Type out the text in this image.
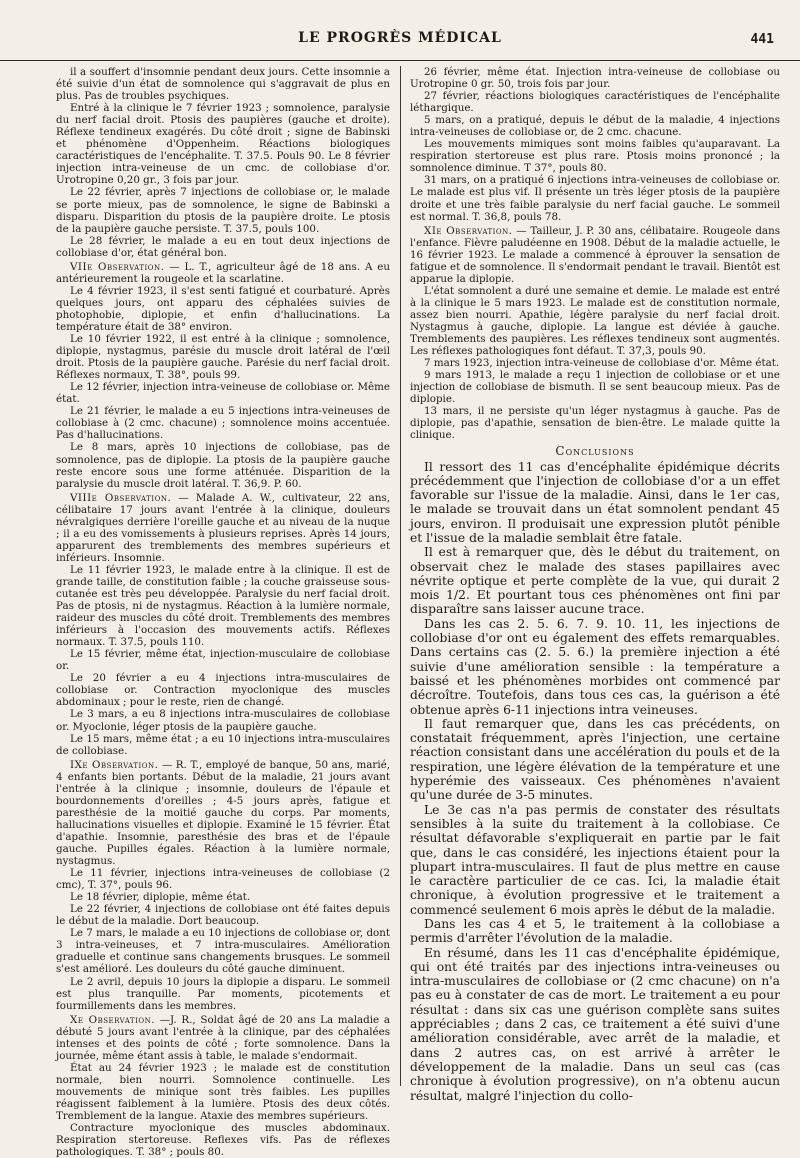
LE PROGRÈS MÉDICAL	441

il a souffert d'insomnie pendant deux jours. Cette insomnie a été suivie d'un état de somnolence qui s'aggravait de plus en plus. Pas de troubles psychiques.

Entré à la clinique le 7 février 1923 ; somnolence, paralysie du nerf facial droit. Ptosis des paupières (gauche et droite). Réflexe tendineux exagérés. Du côté droit ; signe de Babinski et phénomène d'Oppenheim. Réactions biologiques caractéristiques de l'encéphalite. T. 37.5. Pouls 90. Le 8 février injection intra-veineuse de un cmc. de collobiase d'or. Urotropine 0,20 gr., 3 fois par jour.

Le 22 février, après 7 injections de collobiase or, le malade se porte mieux, pas de somnolence, le signe de Babinski a disparu. Disparition du ptosis de la paupière droite. Le ptosis de la paupière gauche persiste. T. 37.5, pouls 100.

Le 28 février, le malade a eu en tout deux injections de collobiase d'or, état général bon.

VIIe Observation. — L. T., agriculteur âgé de 18 ans. A eu antérieurement la rougeole et la scarlatine.

Le 4 février 1923, il s'est senti fatigué et courbaturé. Après quelques jours, ont apparu des céphalées suivies de photophobie, diplopie, et enfin d'hallucinations. La température était de 38° environ.

Le 10 février 1922, il est entré à la clinique ; somnolence, diplopie, nystagmus, parésie du muscle droit latéral de l'œil droit. Ptosis de la paupière gauche. Parésie du nerf facial droit. Réflexes normaux, T. 38°, pouls 99.

Le 12 février, injection intra-veineuse de collobiase or. Même état.

Le 21 février, le malade a eu 5 injections intra-veineuses de collobiase à (2 cmc. chacune) ; somnolence moins accentuée. Pas d'hallucinations.

Le 8 mars, après 10 injections de collobiase, pas de somnolence, pas de diplopie. La ptosis de la paupière gauche reste encore sous une forme atténuée. Disparition de la paralysie du muscle droit latéral. T. 36,9. P. 60.

VIIIe Observation. — Malade A. W., cultivateur, 22 ans, célibataire 17 jours avant l'entrée à la clinique, douleurs névralgiques derrière l'oreille gauche et au niveau de la nuque ; il a eu des vomissements à plusieurs reprises. Après 14 jours, apparurent des tremblements des membres supérieurs et inférieurs. Insomnie.

Le 11 février 1923, le malade entre à la clinique. Il est de grande taille, de constitution faible ; la couche graisseuse sous-cutanée est très peu développée. Paralysie du nerf facial droit. Pas de ptosis, ni de nystagmus. Réaction à la lumière normale, raideur des muscles du côté droit. Tremblements des membres inférieurs à l'occasion des mouvements actifs. Réflexes normaux. T. 37.5, pouls 110.

Le 15 février, même état, injection-musculaire de collobiase or.

Le 20 février a eu 4 injections intra-musculaires de collobiase or. Contraction myoclonique des muscles abdominaux ; pour le reste, rien de changé.

Le 3 mars, a eu 8 injections intra-musculaires de collobiase or. Myoclonie, léger ptosis de la paupière gauche.

Le 15 mars, même état ; a eu 10 injections intra-musculaires de collobiase.

IXe Observation. — R. T., employé de banque, 50 ans, marié, 4 enfants bien portants. Début de la maladie, 21 jours avant l'entrée à la clinique ; insomnie, douleurs de l'épaule et bourdonnements d'oreilles ; 4-5 jours après, fatigue et paresthésie de la moitié gauche du corps. Par moments, hallucinations visuelles et diplopie. Examiné le 15 février. État d'apathie. Insomnie, paresthésie des bras et de l'épaule gauche. Pupilles égales. Réaction à la lumière normale, nystagmus.

Le 11 février, injections intra-veineuses de collobiase (2 cmc), T. 37°, pouls 96.

Le 18 février, diplopie, même état.

Le 22 février, 4 injections de collobiase ont été faites depuis le début de la maladie. Dort beaucoup.

Le 7 mars, le malade a eu 10 injections de collobiase or, dont 3 intra-veineuses, et 7 intra-musculaires. Amélioration graduelle et continue sans changements brusques. Le sommeil s'est amélioré. Les douleurs du côté gauche diminuent.

Le 2 avril, depuis 10 jours la diplopie a disparu. Le sommeil est plus tranquille. Par moments, picotements et fourmillements dans les membres.

Xe Observation. —J. R., Soldat âgé de 20 ans La maladie a débuté 5 jours avant l'entrée à la clinique, par des céphalées intenses et des points de côté ; forte somnolence. Dans la journée, même étant assis à table, le malade s'endormait.

État au 24 février 1923 ; le malade est de constitution normale, bien nourri. Somnolence continuelle. Les mouvements de minique sont très faibles. Les pupilles réagissent faiblement à la lumière. Ptosis des deux côtés. Tremblement de la langue. Ataxie des membres supérieurs.

Contracture myoclonique des muscles abdominaux. Respiration stertoreuse. Reflexes vifs. Pas de réflexes pathologiques. T. 38° ; pouls 80.

26 février, même état. Injection intra-veineuse de collobiase ou Urotropine 0 gr. 50, trois fois par jour.

27 février, réactions biologiques caractéristiques de l'encéphalite léthargique.

5 mars, on a pratiqué, depuis le début de la maladie, 4 injections intra-veineuses de collobiase or, de 2 cmc. chacune.

Les mouvements mimiques sont moins faibles qu'auparavant. La respiration stertoreuse est plus rare. Ptosis moins prononcé ; la somnolence diminue. T 37°, pouls 80.

31 mars, on a pratiqué 6 injections intra-veineuses de collobiase or. Le malade est plus vif. Il présente un très léger ptosis de la paupière droite et une très faible paralysie du nerf facial gauche. Le sommeil est normal. T. 36,8, pouls 78.

XIe Observation. — Tailleur, J. P. 30 ans, célibataire. Rougeole dans l'enfance. Fièvre paludéenne en 1908. Début de la maladie actuelle, le 16 février 1923. Le malade a commencé à éprouver la sensation de fatigue et de somnolence. Il s'endormait pendant le travail. Bientôt est apparue la diplopie.

L'état somnolent a duré une semaine et demie. Le malade est entré à la clinique le 5 mars 1923. Le malade est de constitution normale, assez bien nourri. Apathie, légère paralysie du nerf facial droit. Nystagmus à gauche, diplopie. La langue est déviée à gauche. Tremblements des paupières. Les réflexes tendineux sont augmentés. Les réflexes pathologiques font défaut. T. 37,3, pouls 90.

7 mars 1923, injection intra-veineuse de collobiase d'or. Même état.

9 mars 1913, le malade a reçu 1 injection de collobiase or et une injection de collobiase de bismuth. Il se sent beaucoup mieux. Pas de diplopie.

13 mars, il ne persiste qu'un léger nystagmus à gauche. Pas de diplopie, pas d'apathie, sensation de bien-être. Le malade quitte la clinique.

Conclusions

Il ressort des 11 cas d'encéphalite épidémique décrits précédemment que l'injection de collobiase d'or a un effet favorable sur l'issue de la maladie. Ainsi, dans le 1er cas, le malade se trouvait dans un état somnolent pendant 45 jours, environ. Il produisait une expression plutôt pénible et l'issue de la maladie semblait être fatale.

Il est à remarquer que, dès le début du traitement, on observait chez le malade des stases papillaires avec névrite optique et perte complète de la vue, qui durait 2 mois 1/2. Et pourtant tous ces phénomènes ont fini par disparaître sans laisser aucune trace.

Dans les cas 2. 5. 6. 7. 9. 10. 11, les injections de collobiase d'or ont eu également des effets remarquables. Dans certains cas (2. 5. 6.) la première injection a été suivie d'une amélioration sensible : la température a baissé et les phénomènes morbides ont commencé par décroître. Toutefois, dans tous ces cas, la guérison a été obtenue après 6-11 injections intra veineuses.

Il faut remarquer que, dans les cas précédents, on constatait fréquemment, après l'injection, une certaine réaction consistant dans une accélération du pouls et de la respiration, une légère élévation de la température et une hyperémie des vaisseaux. Ces phénomènes n'avaient qu'une durée de 3-5 minutes.

Le 3e cas n'a pas permis de constater des résultats sensibles à la suite du traitement à la collobiase. Ce résultat défavorable s'expliquerait en partie par le fait que, dans le cas considéré, les injections étaient pour la plupart intra-musculaires. Il faut de plus mettre en cause le caractère particulier de ce cas. Ici, la maladie était chronique, à évolution progressive et le traitement a commencé seulement 6 mois après le début de la maladie.

Dans les cas 4 et 5, le traitement à la collobiase a permis d'arrêter l'évolution de la maladie.

En résumé, dans les 11 cas d'encéphalite épidémique, qui ont été traités par des injections intra-veineuses ou intra-musculaires de collobiase or (2 cmc chacune) on n'a pas eu à constater de cas de mort. Le traitement a eu pour résultat : dans six cas une guérison complète sans suites appréciables ; dans 2 cas, ce traitement a été suivi d'une amélioration considérable, avec arrêt de la maladie, et dans 2 autres cas, on est arrivé à arrêter le développement de la maladie. Dans un seul cas (cas chronique à évolution progressive), on n'a obtenu aucun résultat, malgré l'injection du collo-
